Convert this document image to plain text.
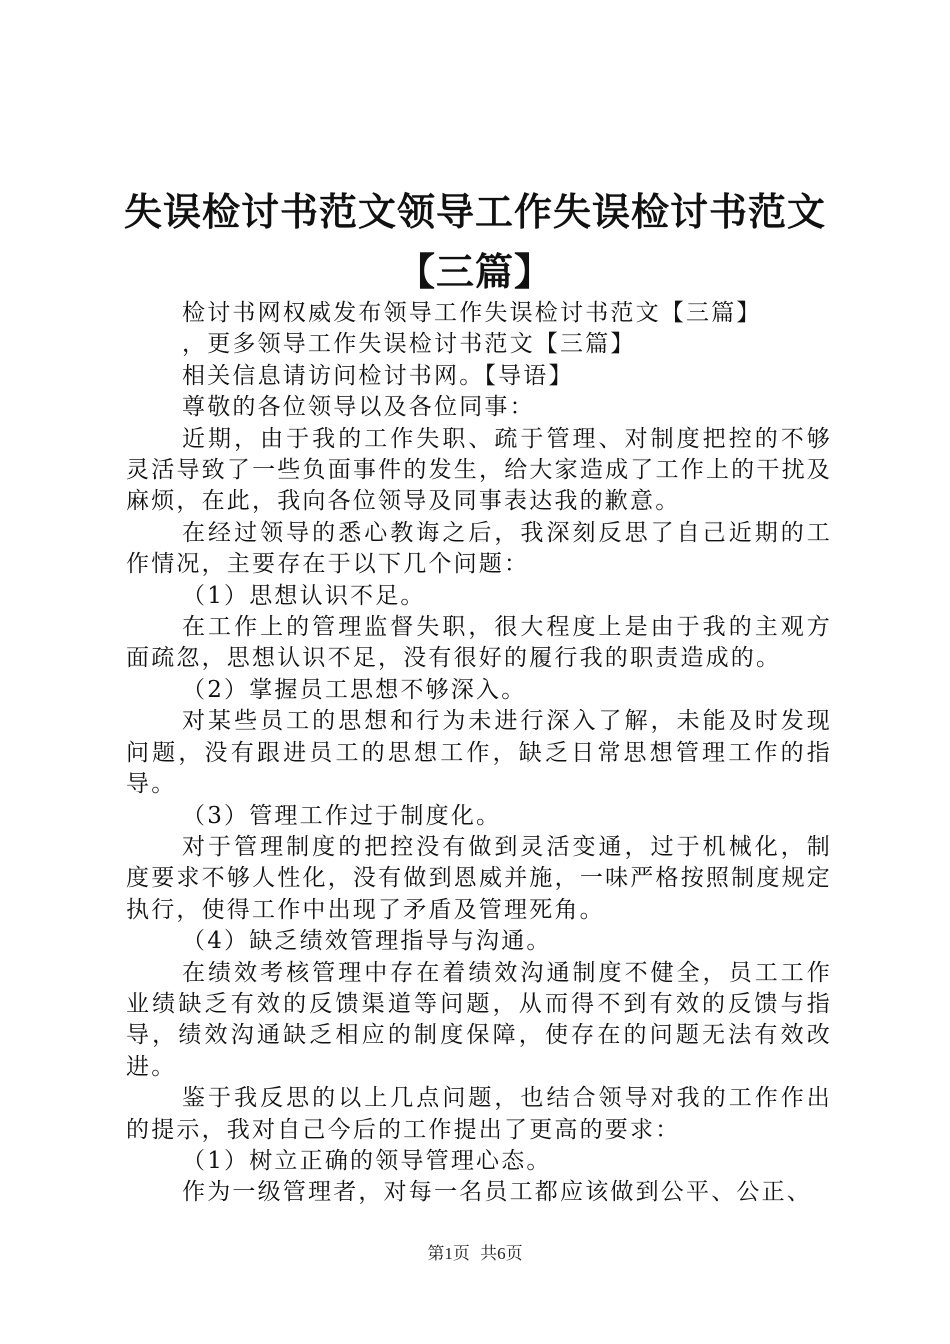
失误检讨书范文领导工作失误检讨书范文【三篇】

检讨书网权威发布领导工作失误检讨书范文【三篇】

，更多领导工作失误检讨书范文【三篇】

相关信息请访问检讨书网。【导语】

尊敬的各位领导以及各位同事：

近期，由于我的工作失职、疏于管理、对制度把控的不够灵活导致了一些负面事件的发生，给大家造成了工作上的干扰及麻烦，在此，我向各位领导及同事表达我的歉意。

在经过领导的悉心教诲之后，我深刻反思了自己近期的工作情况，主要存在于以下几个问题：

（1）思想认识不足。

在工作上的管理监督失职，很大程度上是由于我的主观方面疏忽，思想认识不足，没有很好的履行我的职责造成的。

（2）掌握员工思想不够深入。

对某些员工的思想和行为未进行深入了解，未能及时发现问题，没有跟进员工的思想工作，缺乏日常思想管理工作的指导。

（3）管理工作过于制度化。

对于管理制度的把控没有做到灵活变通，过于机械化，制度要求不够人性化，没有做到恩威并施，一味严格按照制度规定执行，使得工作中出现了矛盾及管理死角。

（4）缺乏绩效管理指导与沟通。

在绩效考核管理中存在着绩效沟通制度不健全，员工工作业绩缺乏有效的反馈渠道等问题，从而得不到有效的反馈与指导，绩效沟通缺乏相应的制度保障，使存在的问题无法有效改进。

鉴于我反思的以上几点问题，也结合领导对我的工作作出的提示，我对自己今后的工作提出了更高的要求：

（1）树立正确的领导管理心态。

作为一级管理者，对每一名员工都应该做到公平、公正、

第1页 共6页
